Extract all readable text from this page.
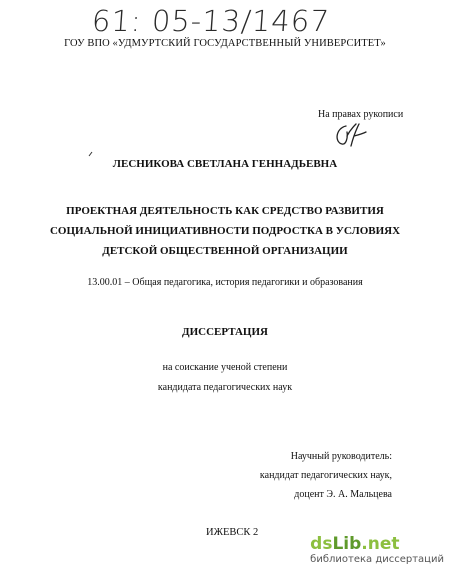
61: 05-13/1467
ГОУ ВПО «УДМУРТСКИЙ ГОСУДАРСТВЕННЫЙ УНИВЕРСИТЕТ»
На правах рукописи
ЛЕСНИКОВА СВЕТЛАНА ГЕННАДЬЕВНА
ПРОЕКТНАЯ ДЕЯТЕЛЬНОСТЬ КАК СРЕДСТВО РАЗВИТИЯ
СОЦИАЛЬНОЙ ИНИЦИАТИВНОСТИ ПОДРОСТКА В УСЛОВИЯХ
ДЕТСКОЙ ОБЩЕСТВЕННОЙ ОРГАНИЗАЦИИ
13.00.01 – Общая педагогика, история педагогики и образования
ДИССЕРТАЦИЯ
на соискание ученой степени
кандидата педагогических наук
Научный руководитель:
кандидат педагогических наук,
доцент Э. А. Мальцева
ИЖЕВСК 2
dsLib.net
библиотека диссертаций
